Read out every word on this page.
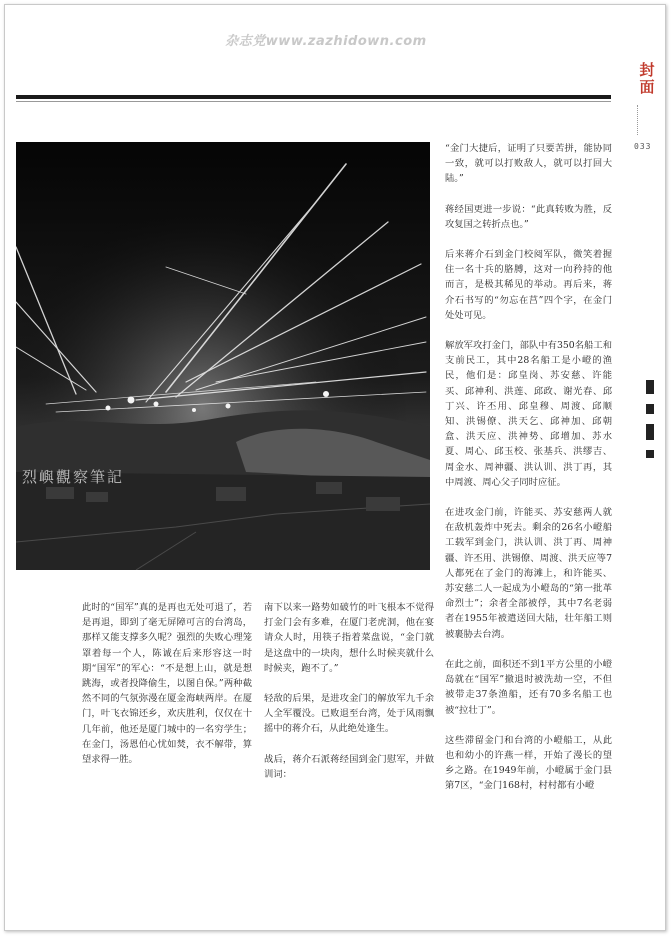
杂志党www.zazhidown.com
封面
033
烈嶼觀察筆記

“金门大捷后，证明了只要苦拼，能协同一致，就可以打败敌人，就可以打回大陆。”

蒋经国更进一步说：“此真转败为胜，反攻复国之转折点也。”

后来蒋介石到金门校阅军队，微笑着握住一名十兵的胳膊，这对一向矜持的他而言，是极其稀见的举动。再后来，蒋介石书写的“勿忘在莒”四个字，在金门处处可见。

解放军攻打金门，部队中有350名船工和支前民工，其中28名船工是小嶝的渔民，他们是：邱皇岗、苏安慈、许能买、邱神利、洪莲、邱政、谢光春、邱丁兴、许丕用、邱皇穆、周渡、邱顺知、洪锡僚、洪天乞、邱神加、邱朝盒、洪天应、洪神势、邱增加、苏水夏、周心、邱玉校、张基兵、洪缪吉、周金水、周神疆、洪认训、洪丁再，其中周渡、周心父子同时应征。

在进攻金门前，许能买、苏安慈两人就在敌机轰炸中死去。剩余的26名小嶝船工载军到金门，洪认训、洪丁再、周神疆、许丕用、洪锡僚、周渡、洪天应等7人都死在了金门的海滩上，和许能买、苏安慈二人一起成为小嶝岛的“第一批革命烈士”；余者全部被俘，其中7名老弱者在1955年被遣送回大陆，壮年船工则被裹胁去台湾。

在此之前，面积还不到1平方公里的小嶝岛就在“国军”撤退时被洗劫一空，不但被带走37条渔船，还有70多名船工也被“拉壮丁”。

这些滞留金门和台湾的小嶝船工，从此也和幼小的许燕一样，开始了漫长的望乡之路。在1949年前，小嶝属于金门县第7区，“金门168村，村村都有小嶝

此时的“国军”真的是再也无处可退了，若是再退，即到了毫无屏障可言的台湾岛，那样又能支撑多久呢？强烈的失败心理笼罩着每一个人，陈诚在后来形容这一时期“国军”的军心：“不是想上山，就是想跳海，或者投降偷生，以图自保。”两种截然不同的气氛弥漫在厦金海峡两岸。在厦门，叶飞衣锦还乡，欢庆胜利，仅仅在十几年前，他还是厦门城中的一名穷学生；在金门，汤恩伯心忧如焚，衣不解带，算望求得一胜。

南下以来一路势如破竹的叶飞根本不觉得打金门会有多难，在厦门老虎洞，他在宴请众人时，用筷子指着菜盘说，“金门就是这盘中的一块肉，想什么时候夹就什么时候夹，跑不了。”

轻敌的后果，是进攻金门的解放军九千余人全军覆没。已败退至台湾，处于风雨飘摇中的蒋介石，从此绝处逢生。

战后，蒋介石派蒋经国到金门慰军，并做训词：
